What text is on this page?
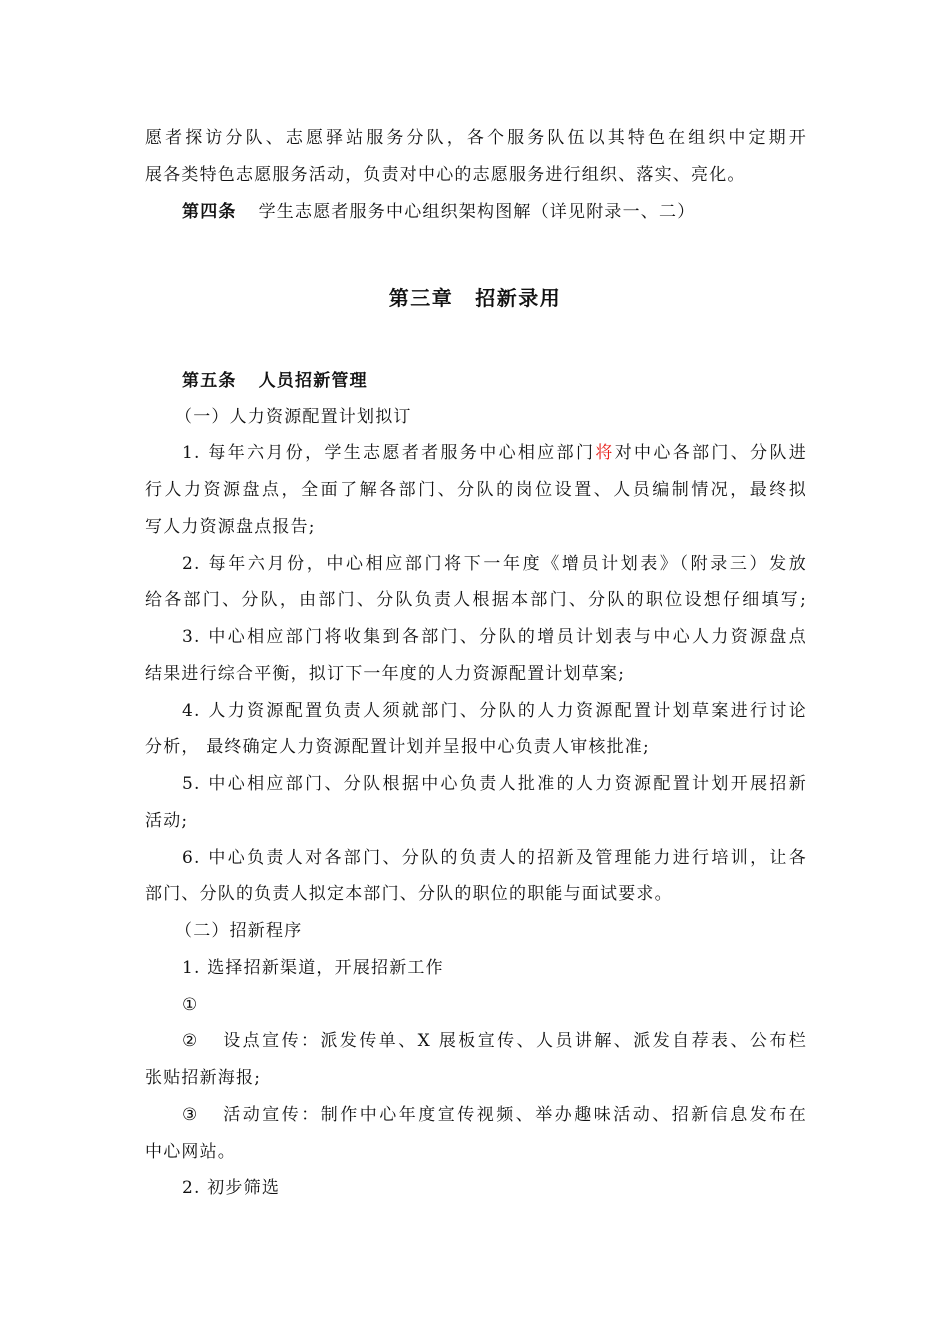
愿者探访分队、志愿驿站服务分队，各个服务队伍以其特色在组织中定期开
展各类特色志愿服务活动，负责对中心的志愿服务进行组织、落实、亮化。
第四条 学生志愿者服务中心组织架构图解（详见附录一、二）
第三章 招新录用
第五条 人员招新管理
（一）人力资源配置计划拟订
1. 每年六月份，学生志愿者者服务中心相应部门将对中心各部门、分队进
行人力资源盘点，全面了解各部门、分队的岗位设置、人员编制情况，最终拟
写人力资源盘点报告;
2. 每年六月份，中心相应部门将下一年度《增员计划表》（附录三）发放
给各部门、分队，由部门、分队负责人根据本部门、分队的职位设想仔细填写;
3. 中心相应部门将收集到各部门、分队的增员计划表与中心人力资源盘点
结果进行综合平衡，拟订下一年度的人力资源配置计划草案;
4. 人力资源配置负责人须就部门、分队的人力资源配置计划草案进行讨论
分析， 最终确定人力资源配置计划并呈报中心负责人审核批准;
5. 中心相应部门、分队根据中心负责人批准的人力资源配置计划开展招新
活动;
6. 中心负责人对各部门、分队的负责人的招新及管理能力进行培训，让各
部门、分队的负责人拟定本部门、分队的职位的职能与面试要求。
（二）招新程序
1. 选择招新渠道，开展招新工作
①
② 设点宣传：派发传单、X 展板宣传、人员讲解、派发自荐表、公布栏
张贴招新海报;
③ 活动宣传：制作中心年度宣传视频、举办趣味活动、招新信息发布在
中心网站。
2. 初步筛选
